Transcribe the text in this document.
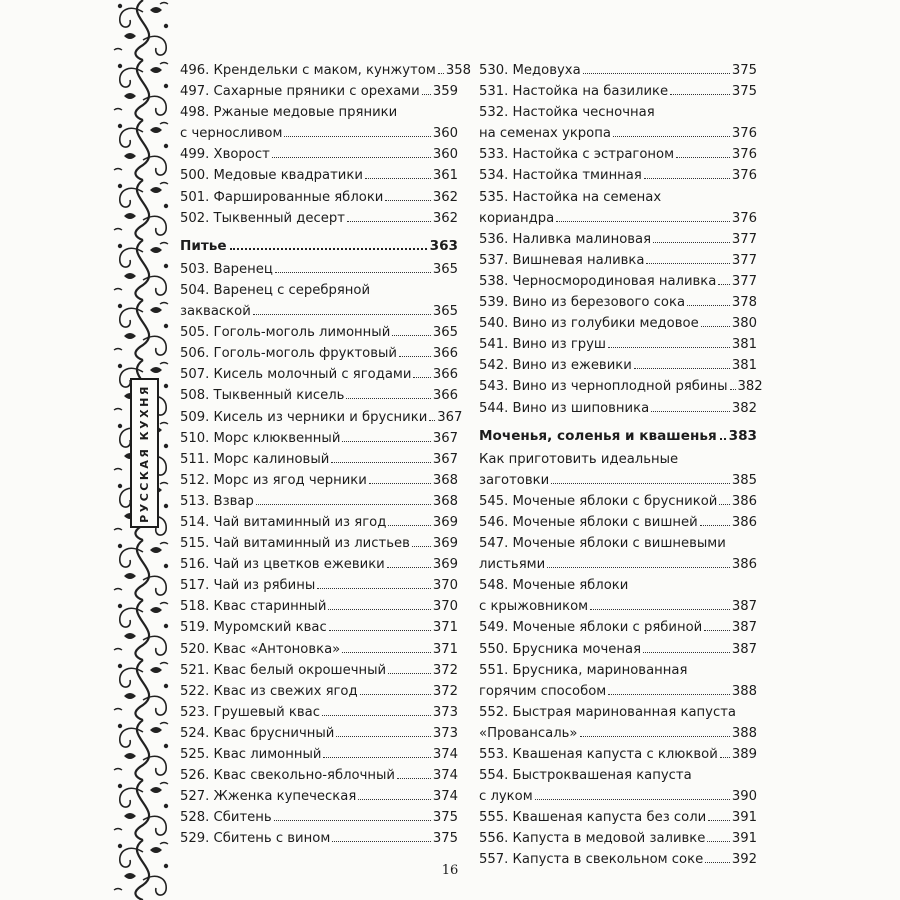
РУССКАЯ КУХНЯ
496. Крендельки с маком, кунжутом 358
497. Сахарные пряники с орехами 359
498. Ржаные медовые пряники
с черносливом	360
499. Хворост	360
500. Медовые квадратики	361
501. Фаршированные яблоки	362
502. Тыквенный десерт	362
Питье	363
503. Варенец	365
504. Варенец с серебряной
закваской	365
505. Гоголь-моголь лимонный	365
506. Гоголь-моголь фруктовый	366
507. Кисель молочный с ягодами 366
508. Тыквенный кисель	366
509. Кисель из черники и брусники 367
510. Морс клюквенный	367
511. Морс калиновый	367
512. Морс из ягод черники	368
513. Взвар	368
514. Чай витаминный из ягод	369
515. Чай витаминный из листьев 369
516. Чай из цветков ежевики	369
517. Чай из рябины	370
518. Квас старинный	370
519. Муромский квас	371
520. Квас «Антоновка»	371
521. Квас белый окрошечный	372
522. Квас из свежих ягод	372
523. Грушевый квас	373
524. Квас брусничный	373
525. Квас лимонный	374
526. Квас свекольно-яблочный	374
527. Жженка купеческая	374
528. Сбитень	375
529. Сбитень с вином	375
530. Медовуха	375
531. Настойка на базилике	375
532. Настойка чесночная
на семенах укропа	376
533. Настойка с эстрагоном	376
534. Настойка тминная	376
535. Настойка на семенах
кориандра	376
536. Наливка малиновая	377
537. Вишневая наливка	377
538. Черносмородиновая наливка 377
539. Вино из березового сока	378
540. Вино из голубики медовое	380
541. Вино из груш	381
542. Вино из ежевики	381
543. Вино из черноплодной рябины 382
544. Вино из шиповника	382
Моченья, соленья и квашенья 383
Как приготовить идеальные
заготовки	385
545. Моченые яблоки с брусникой 386
546. Моченые яблоки с вишней	386
547. Моченые яблоки с вишневыми
листьями	386
548. Моченые яблоки
с крыжовником	387
549. Моченые яблоки с рябиной 387
550. Брусника моченая	387
551. Брусника, маринованная
горячим способом	388
552. Быстрая маринованная капуста
«Провансаль»	388
553. Квашеная капуста с клюквой 389
554. Быстроквашеная капуста
с луком	390
555. Квашеная капуста без соли 391
556. Капуста в медовой заливке 391
557. Капуста в свекольном соке 392
16
